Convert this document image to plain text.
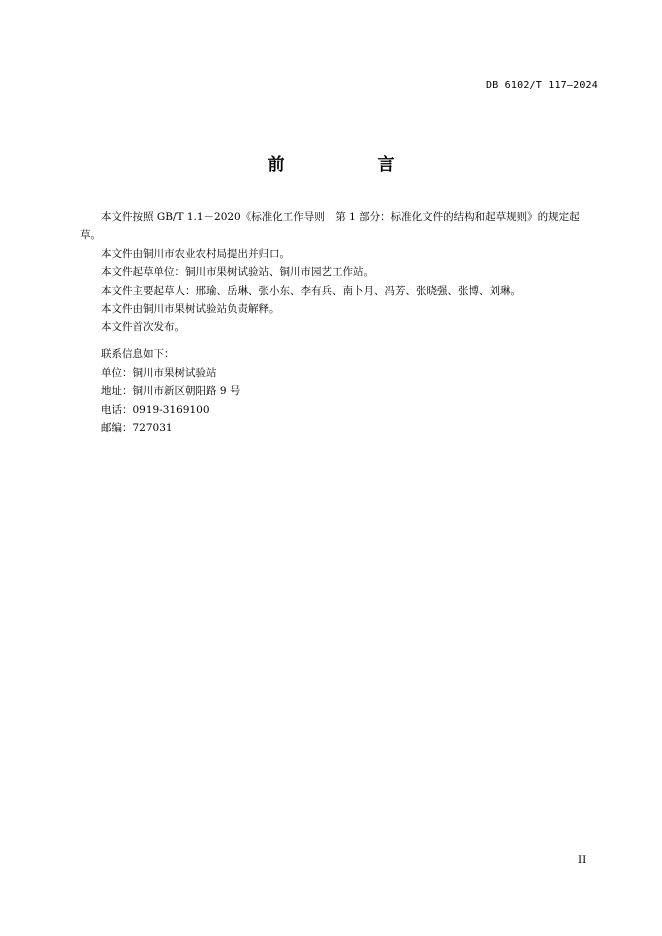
DB 6102/T 117—2024
前　言

本文件按照 GB/T 1.1－2020《标准化工作导则　第 1 部分：标准化文件的结构和起草规则》的规定起草。

本文件由铜川市农业农村局提出并归口。

本文件起草单位：铜川市果树试验站、铜川市园艺工作站。

本文件主要起草人：邢瑜、岳琳、张小东、李有兵、南卜月、冯芳、张晓强、张博、刘琳。

本文件由铜川市果树试验站负责解释。

本文件首次发布。

联系信息如下：

单位：铜川市果树试验站

地址：铜川市新区朝阳路 9 号

电话：0919-3169100

邮编：727031

II
